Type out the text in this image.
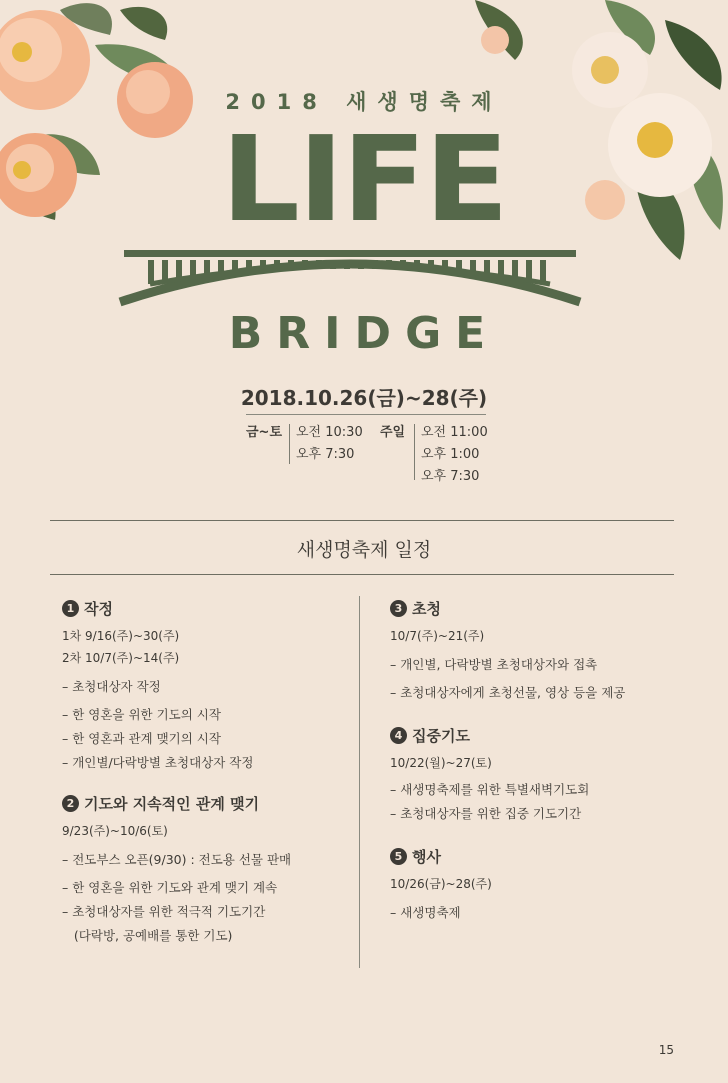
2018 새생명축제
LIFE
BRIDGE
2018.10.26(금)~28(주)
금~토 오전 10:30
오후 7:30
주일 오전 11:00
오후 1:00
오후 7:30
새생명축제 일정
1 작정
1차 9/16(주)~30(주)
2차 10/7(주)~14(주)
– 초청대상자 작정
– 한 영혼을 위한 기도의 시작
– 한 영혼과 관계 맺기의 시작
– 개인별/다락방별 초청대상자 작정
2 기도와 지속적인 관계 맺기
9/23(주)~10/6(토)
– 전도부스 오픈(9/30) : 전도용 선물 판매
– 한 영혼을 위한 기도와 관계 맺기 계속
– 초청대상자를 위한 적극적 기도기간
(다락방, 공예배를 통한 기도)
3 초청
10/7(주)~21(주)
– 개인별, 다락방별 초청대상자와 접촉
– 초청대상자에게 초청선물, 영상 등을 제공
4 집중기도
10/22(월)~27(토)
– 새생명축제를 위한 특별새벽기도회
– 초청대상자를 위한 집중 기도기간
5 행사
10/26(금)~28(주)
– 새생명축제
15
